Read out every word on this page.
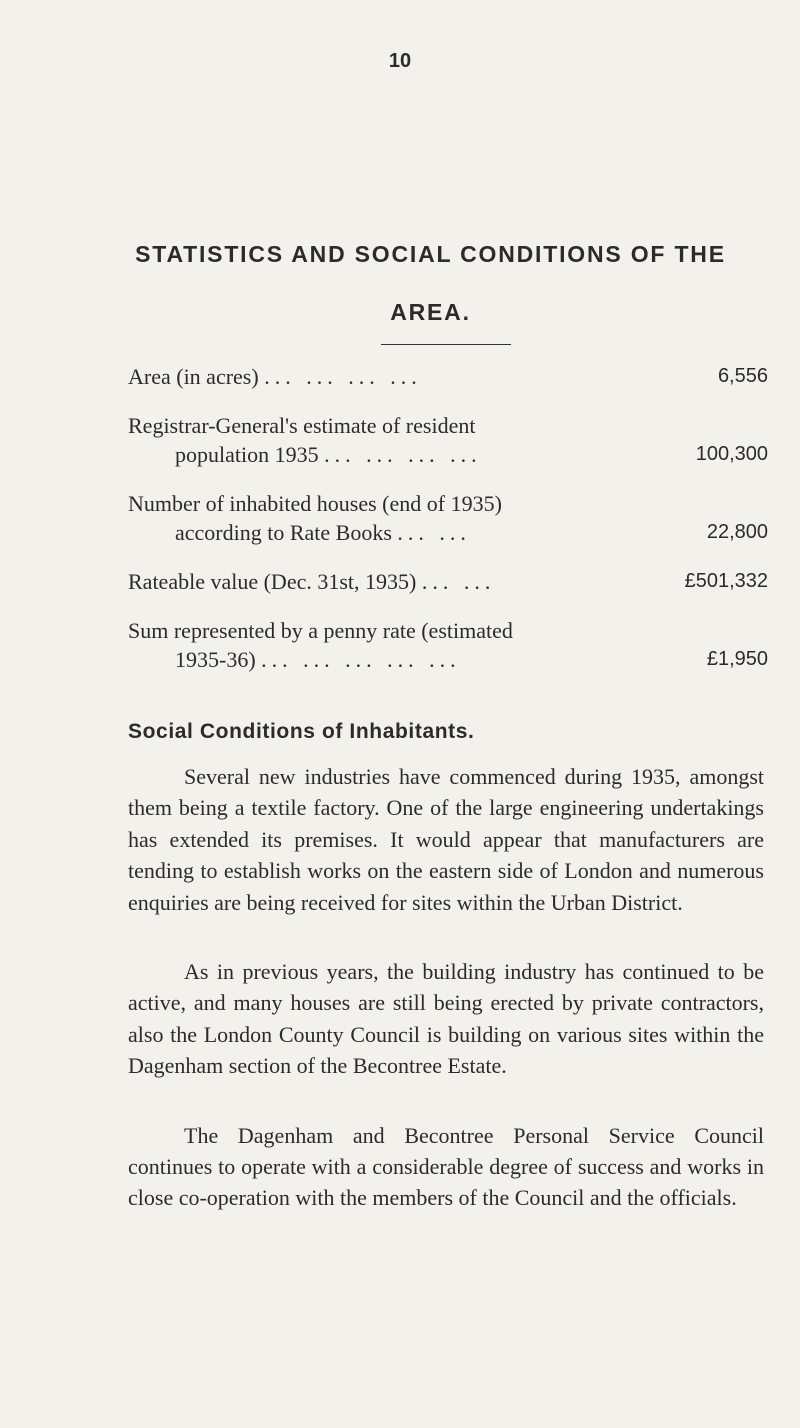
10
STATISTICS AND SOCIAL CONDITIONS OF THE AREA.
Area (in acres) ... ... ... ...	6,556
Registrar-General's estimate of resident
population 1935 ... ... ... ...	100,300
Number of inhabited houses (end of 1935)
according to Rate Books ... ...	22,800
Rateable value (Dec. 31st, 1935) ... ...	£501,332
Sum represented by a penny rate (estimated
1935-36) ... ... ... ... ...	£1,950
Social Conditions of Inhabitants.

Several new industries have commenced during 1935, amongst them being a textile factory. One of the large engineering undertakings has extended its premises. It would appear that manufacturers are tending to establish works on the eastern side of London and numerous enquiries are being received for sites within the Urban District.

As in previous years, the building industry has continued to be active, and many houses are still being erected by private contractors, also the London County Council is building on various sites within the Dagenham section of the Becontree Estate.

The Dagenham and Becontree Personal Service Council continues to operate with a considerable degree of success and works in close co-operation with the members of the Council and the officials.
